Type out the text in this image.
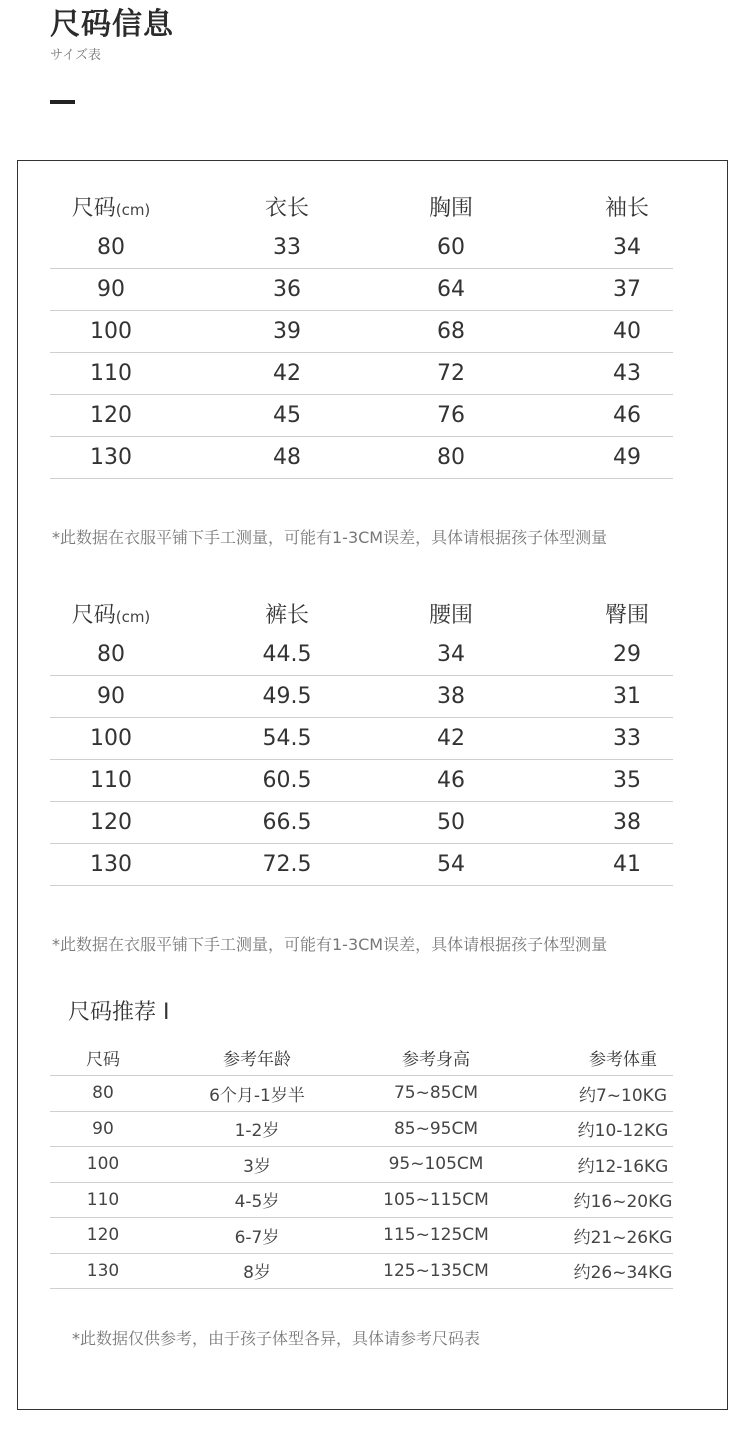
尺码信息
サイズ表
尺码(cm)	衣长	胸围	袖长
80	33	60	34
90	36	64	37
100	39	68	40
110	42	72	43
120	45	76	46
130	48	80	49
*此数据在衣服平铺下手工测量，可能有1-3CM误差，具体请根据孩子体型测量
尺码(cm)	裤长	腰围	臀围
80	44.5	34	29
90	49.5	38	31
100	54.5	42	33
110	60.5	46	35
120	66.5	50	38
130	72.5	54	41
*此数据在衣服平铺下手工测量，可能有1-3CM误差，具体请根据孩子体型测量
尺码推荐 I
尺码	参考年龄	参考身高	参考体重
80	6个月-1岁半	75~85CM	约7~10KG
90	1-2岁	85~95CM	约10-12KG
100	3岁	95~105CM	约12-16KG
110	4-5岁	105~115CM	约16~20KG
120	6-7岁	115~125CM	约21~26KG
130	8岁	125~135CM	约26~34KG
*此数据仅供参考，由于孩子体型各异，具体请参考尺码表
